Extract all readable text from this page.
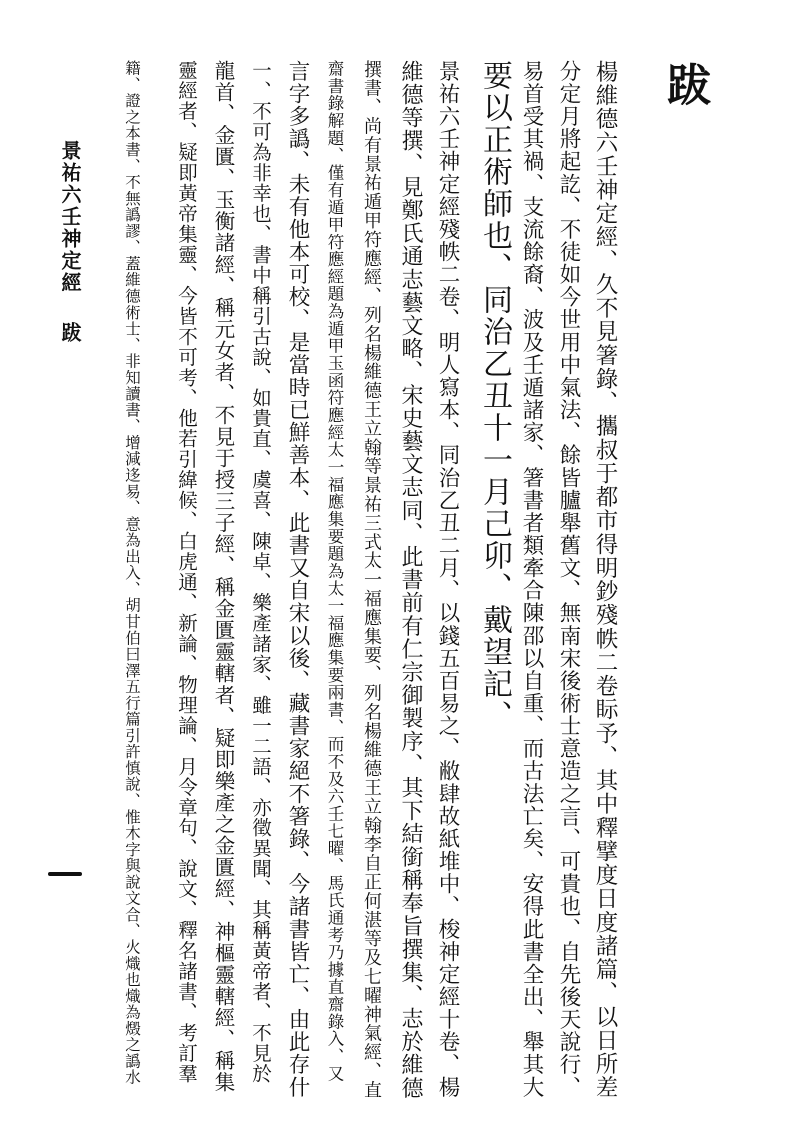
跋
楊維德六壬神定經、久不見箸錄、攜叔于都市得明鈔殘帙二卷眎予、其中釋擘度日度諸篇、以日所差
分定月將起訖、不徒如今世用中氣法、餘皆臚舉舊文、無南宋後術士意造之言、可貴也、自先後天說行、
易首受其禍、支流餘裔、波及壬遁諸家、箸書者類牽合陳邵以自重、而古法亡矣、安得此書全出、舉其大
要以正術師也、同治乙丑十一月己卯、戴望記、
景祐六壬神定經殘帙二卷、明人寫本、同治乙丑二月、以錢五百易之、敝肆故紙堆中、梭神定經十卷、楊
維德等撰、見鄭氏通志藝文略、宋史藝文志同、此書前有仁宗御製序、其下結銜稱奉旨撰集、志於維德
撰書、尚有景祐遁甲符應經、列名楊維德王立翰等景祐三式太一福應集要、列名楊維德王立翰李自正何湛等及七曜神氣經、直
齋書錄解題、僅有遁甲符應經題為遁甲玉函符應經太一福應集要題為太一福應集要兩書、而不及六壬七曜、馬氏通考乃據直齋錄入、又
言字多譌、未有他本可校、是當時已鮮善本、此書又自宋以後、藏書家絕不箸錄、今諸書皆亡、由此存什
一、不可為非幸也、書中稱引古說、如貴直、虞喜、陳卓、樂產諸家、雖一二語、亦徵異聞、其稱黃帝者、不見於
龍首、金匱、玉衡諸經、稱元女者、不見于授三子經、稱金匱靈轄者、疑即樂產之金匱經、神樞靈轄經、稱集
靈經者、疑即黃帝集靈、今皆不可考、他若引緯候、白虎通、新論、物理論、月令章句、說文、釋名諸書、考訂羣
籍、證之本書、不無譌謬、蓋維德術士、非知讀書、增減迻易、意為出入、胡甘伯曰澤五行篇引許慎說、惟木字與說文合、火熾也熾為燬之譌水
景祐六壬神定經
跋
